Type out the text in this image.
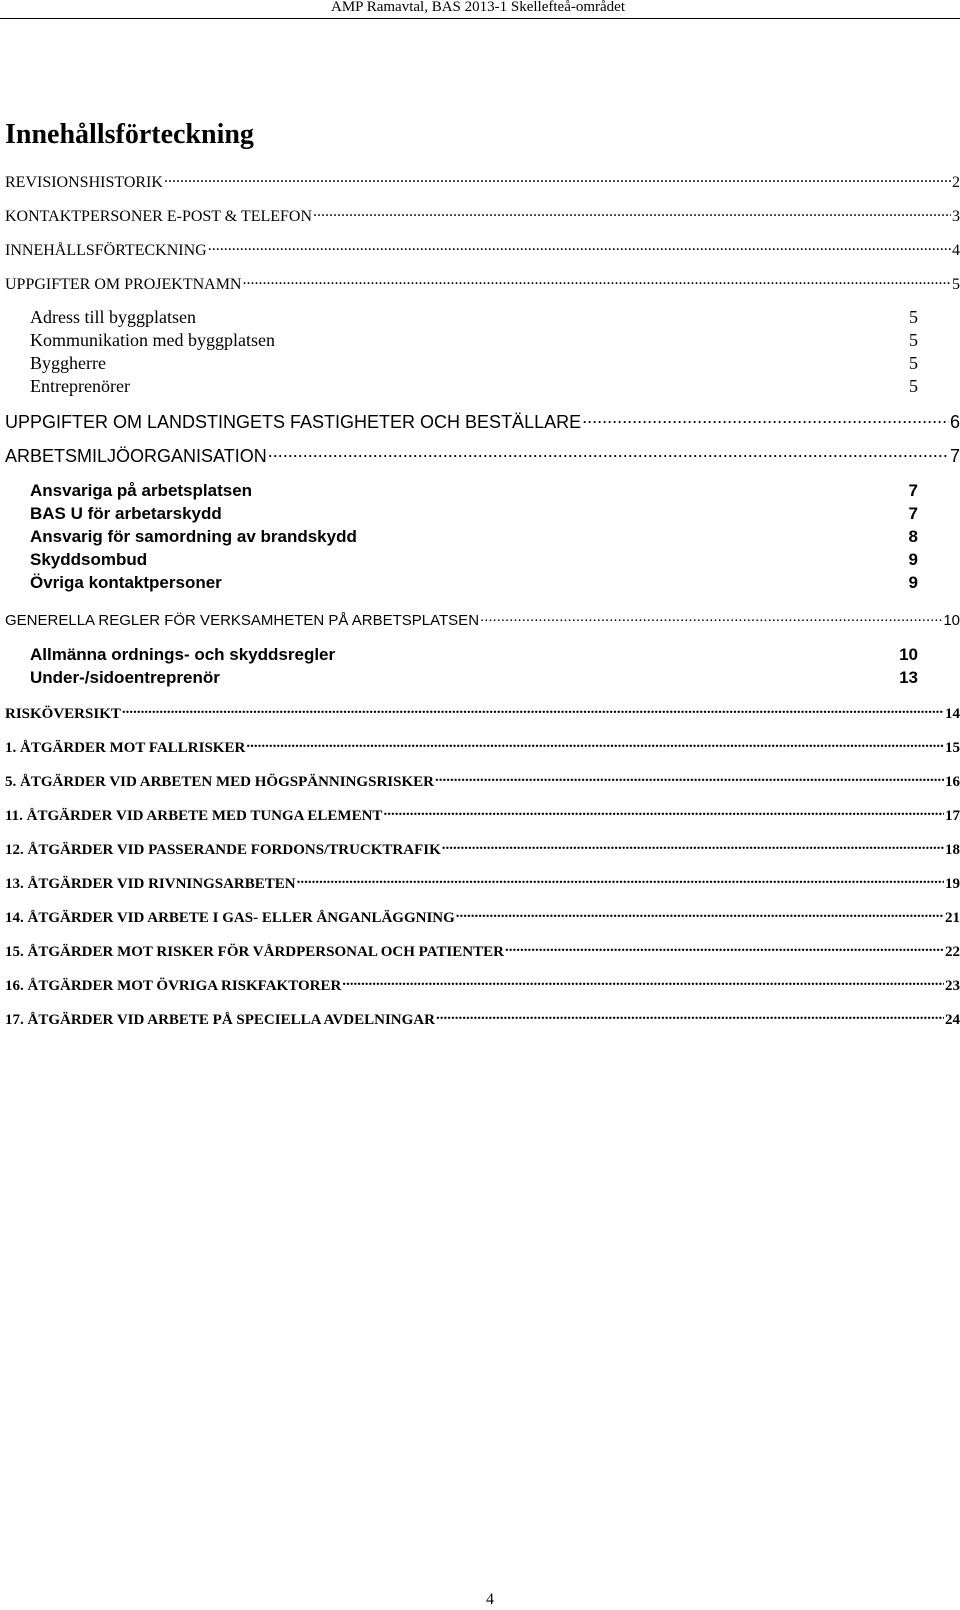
AMP Ramavtal, BAS 2013-1 Skellefteå-området
Innehållsförteckning
REVISIONSHISTORIK .....	2
KONTAKTPERSONER E-POST & TELEFON .....	3
INNEHÅLLSFÖRTECKNING .....	4
UPPGIFTER OM PROJEKTNAMN .....	5
Adress till byggplatsen	5
Kommunikation med byggplatsen	5
Byggherre	5
Entreprenörer	5
UPPGIFTER OM LANDSTINGETS FASTIGHETER OCH BESTÄLLARE .....	6
ARBETSMILJÖORGANISATION .....	7
Ansvariga på arbetsplatsen	7
BAS U för arbetarskydd	7
Ansvarig för samordning av brandskydd	8
Skyddsombud	9
Övriga kontaktpersoner	9
GENERELLA REGLER FÖR VERKSAMHETEN PÅ ARBETSPLATSEN .....	10
Allmänna ordnings- och skyddsregler	10
Under-/sidoentreprenör	13
RISKÖVERSIKT .....	14
1. ÅTGÄRDER MOT FALLRISKER .....	15
5. ÅTGÄRDER VID ARBETEN MED HÖGSPÄNNINGSRISKER .....	16
11. ÅTGÄRDER VID ARBETE MED TUNGA ELEMENT .....	17
12. ÅTGÄRDER VID PASSERANDE FORDONS/TRUCKTRAFIK .....	18
13. ÅTGÄRDER VID RIVNINGSARBETEN .....	19
14. ÅTGÄRDER VID ARBETE I GAS- ELLER ÅNGANLÄGGNING .....	21
15. ÅTGÄRDER MOT RISKER FÖR VÅRDPERSONAL OCH PATIENTER .....	22
16. ÅTGÄRDER MOT ÖVRIGA RISKFAKTORER .....	23
17. ÅTGÄRDER VID ARBETE PÅ SPECIELLA AVDELNINGAR .....	24
4
